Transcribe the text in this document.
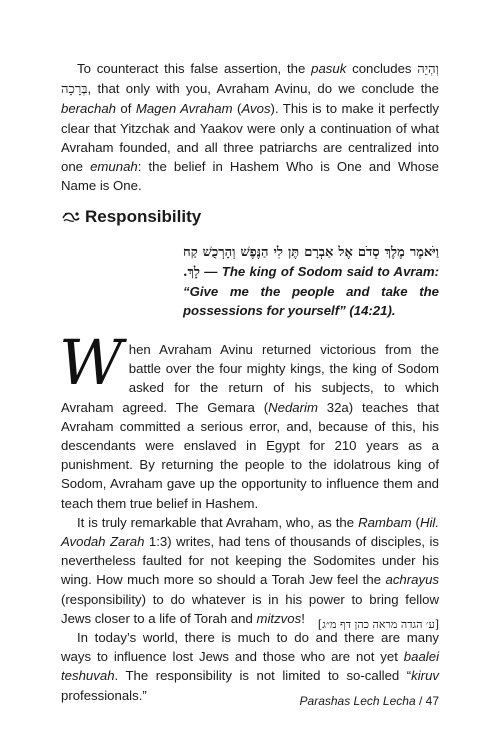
To counteract this false assertion, the pasuk concludes וְהְיֵה בְּרָכָה, that only with you, Avraham Avinu, do we conclude the berachah of Magen Avraham (Avos). This is to make it perfectly clear that Yitzchak and Yaakov were only a continuation of what Avraham founded, and all three patriarchs are centralized into one emunah: the belief in Hashem Who is One and Whose Name is One.

Responsibility
וַיֹּאמֶר מֶלֶךְ סְדֹם אֶל אַבְרָם תֶּן לִי הַנֶּפֶשׁ וְהָרְכֻשׁ קַח לָךְ. — The king of Sodom said to Avram: “Give me the people and take the possessions for yourself” (14:21).

When Avraham Avinu returned victorious from the battle over the four mighty kings, the king of Sodom asked for the return of his subjects, to which Avraham agreed. The Gemara (Nedarim 32a) teaches that Avraham committed a serious error, and, because of this, his descendants were enslaved in Egypt for 210 years as a punishment. By returning the people to the idolatrous king of Sodom, Avraham gave up the opportunity to influence them and teach them true belief in Hashem.

It is truly remarkable that Avraham, who, as the Rambam (Hil. Avodah Zarah 1:3) writes, had tens of thousands of disciples, is nevertheless faulted for not keeping the Sodomites under his wing. How much more so should a Torah Jew feel the achrayus (responsibility) to do whatever is in his power to bring fellow Jews closer to a life of Torah and mitzvos!

In today’s world, there is much to do and there are many ways to influence lost Jews and those who are not yet baalei teshuvah. The responsibility is not limited to so-called “kiruv professionals.”

[ע׳ הגדה מראה כהן דף מ״ג]
Parashas Lech Lecha / 47
